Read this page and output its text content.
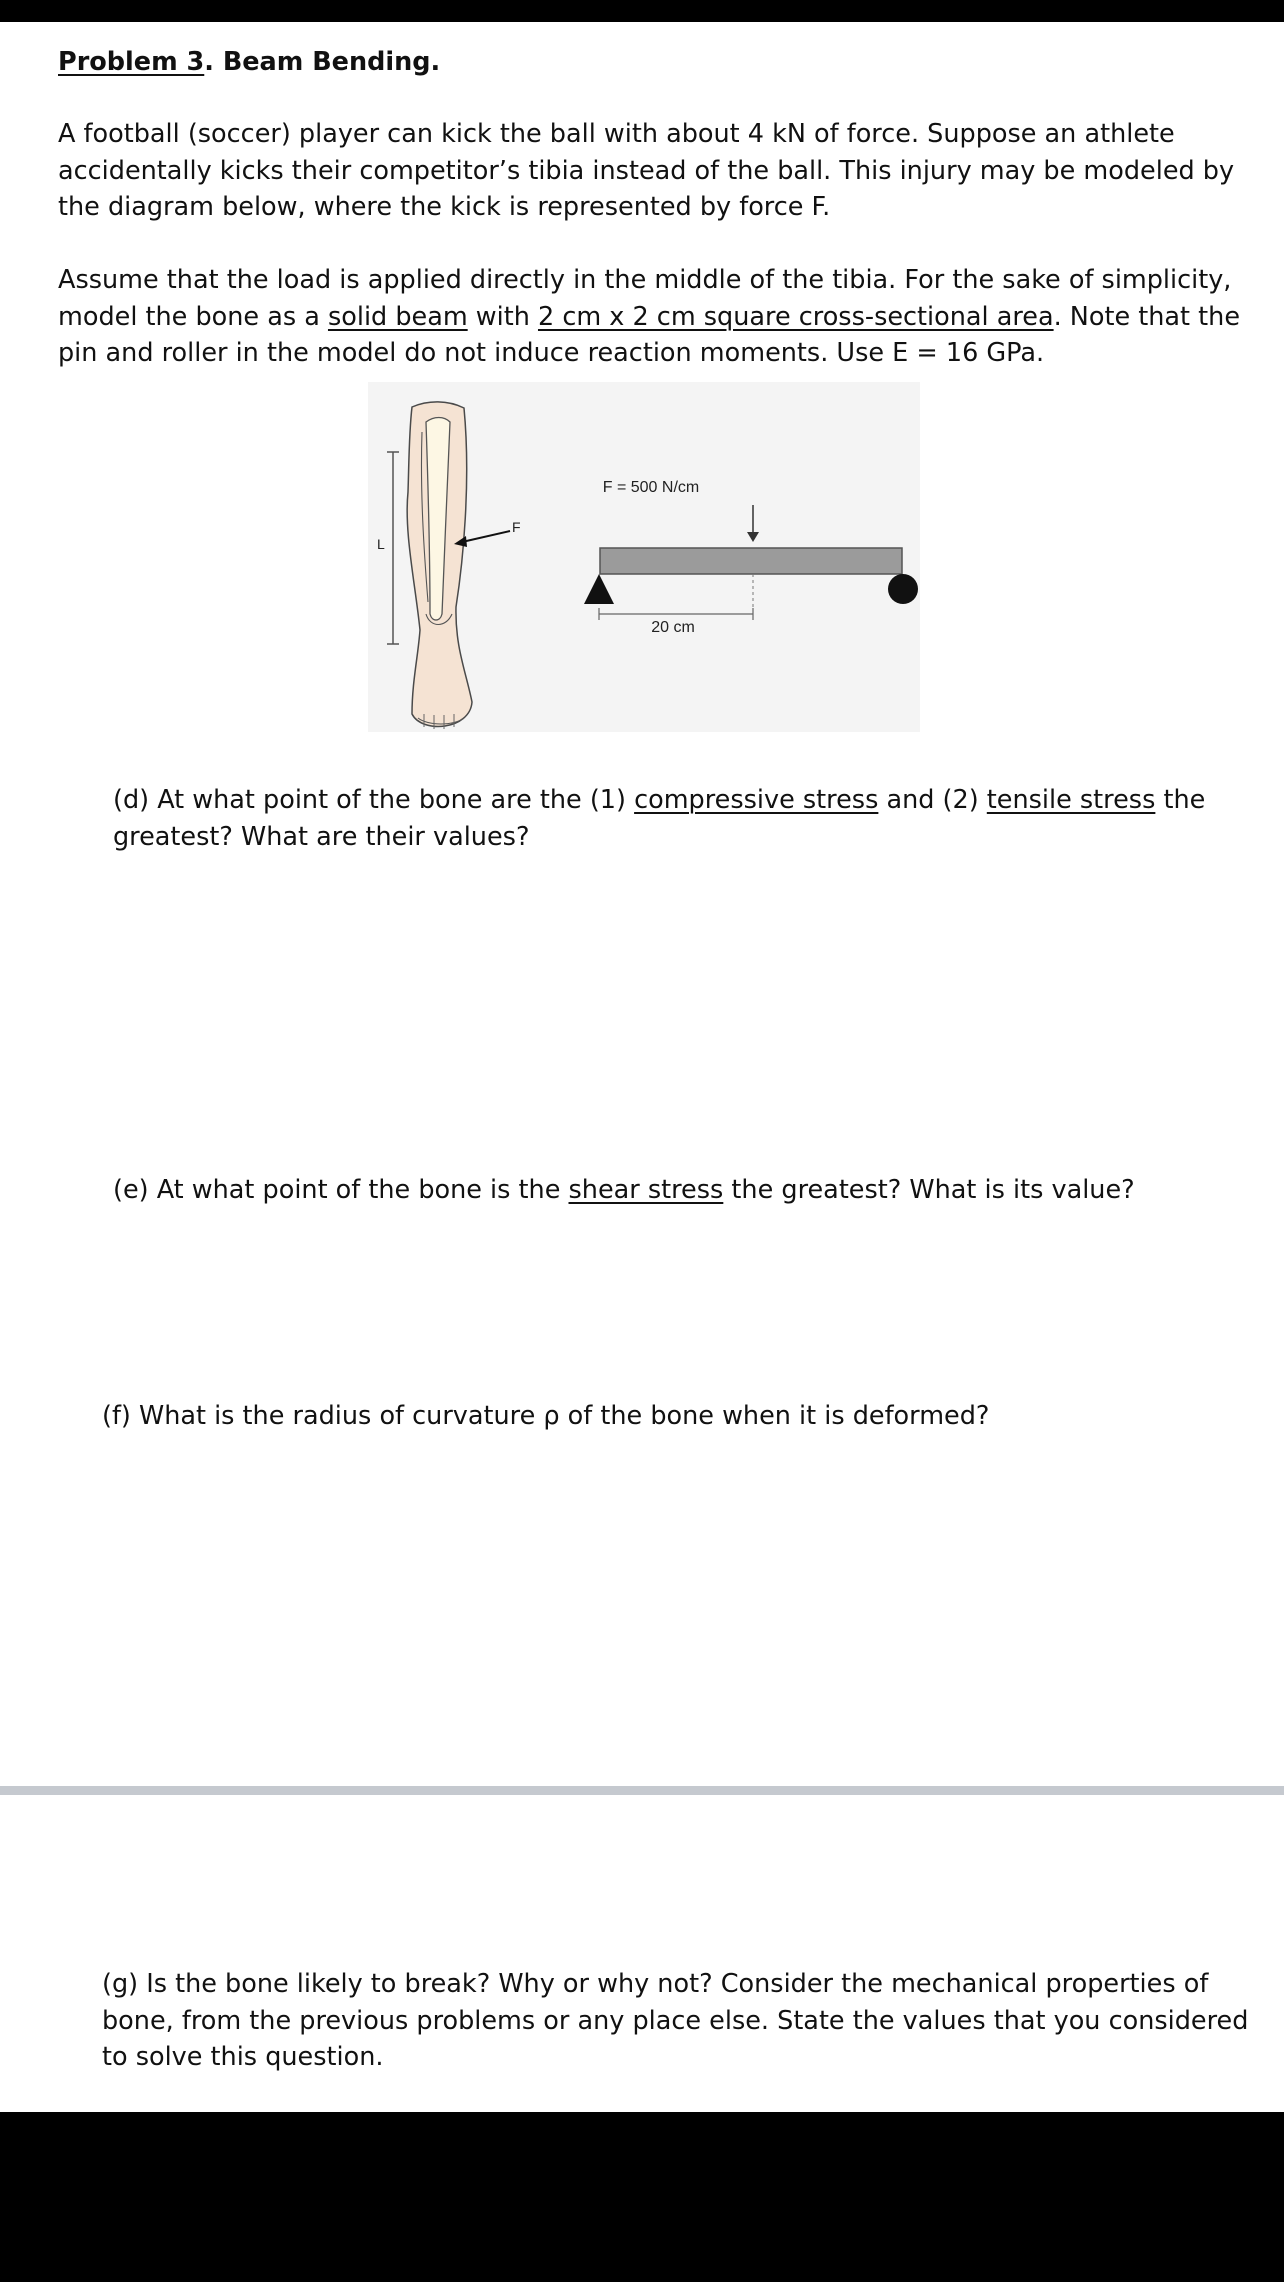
Problem 3. Beam Bending.
A football (soccer) player can kick the ball with about 4 kN of force. Suppose an athlete accidentally kicks their competitor’s tibia instead of the ball. This injury may be modeled by the diagram below, where the kick is represented by force F.
Assume that the load is applied directly in the middle of the tibia. For the sake of simplicity, model the bone as a solid beam with 2 cm x 2 cm square cross-sectional area. Note that the pin and roller in the model do not induce reaction moments. Use E = 16 GPa.
L
F
F = 500 N/cm
20 cm
(d) At what point of the bone are the (1) compressive stress and (2) tensile stress the greatest? What are their values?
(e) At what point of the bone is the shear stress the greatest? What is its value?
(f) What is the radius of curvature ρ of the bone when it is deformed?
(g) Is the bone likely to break? Why or why not? Consider the mechanical properties of bone, from the previous problems or any place else. State the values that you considered to solve this question.
